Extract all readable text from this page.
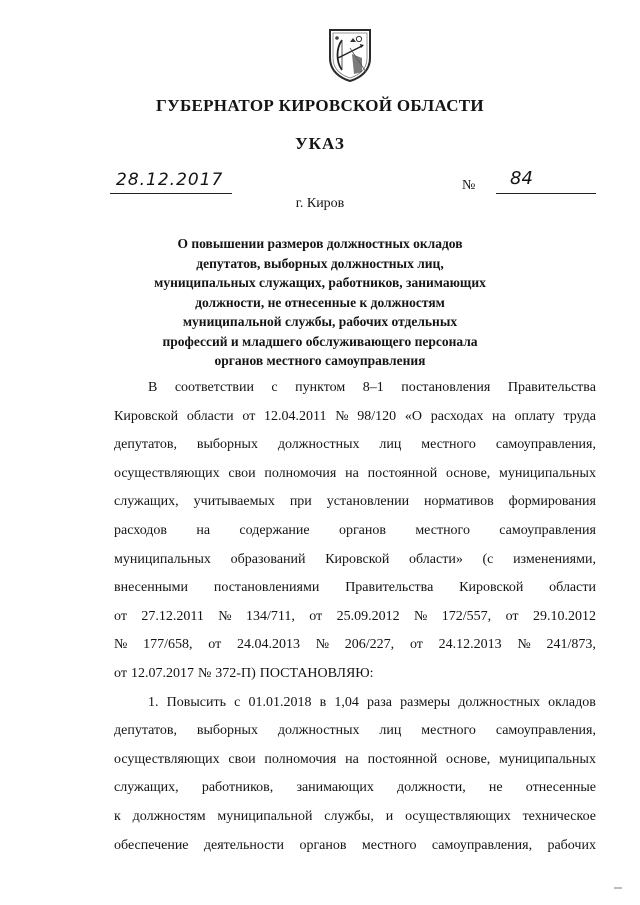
ГУБЕРНАТОР КИРОВСКОЙ ОБЛАСТИ
УКАЗ
28.12.2017	№ 84
г. Киров
О повышении размеров должностных окладов
депутатов, выборных должностных лиц,
муниципальных служащих, работников, занимающих
должности, не отнесенные к должностям
муниципальной службы, рабочих отдельных
профессий и младшего обслуживающего персонала
органов местного самоуправления
В соответствии с пунктом 8–1 постановления Правительства
Кировской области от 12.04.2011 № 98/120 «О расходах на оплату труда
депутатов, выборных должностных лиц местного самоуправления,
осуществляющих свои полномочия на постоянной основе, муниципальных
служащих, учитываемых при установлении нормативов формирования
расходов на содержание органов местного самоуправления
муниципальных образований Кировской области» (с изменениями,
внесенными постановлениями Правительства Кировской области
от 27.12.2011 № 134/711, от 25.09.2012 № 172/557, от 29.10.2012
№ 177/658, от 24.04.2013 № 206/227, от 24.12.2013 № 241/873,
от 12.07.2017 № 372-П) ПОСТАНОВЛЯЮ:
1. Повысить с 01.01.2018 в 1,04 раза размеры должностных окладов
депутатов, выборных должностных лиц местного самоуправления,
осуществляющих свои полномочия на постоянной основе, муниципальных
служащих, работников, занимающих должности, не отнесенные
к должностям муниципальной службы, и осуществляющих техническое
обеспечение деятельности органов местного самоуправления, рабочих
